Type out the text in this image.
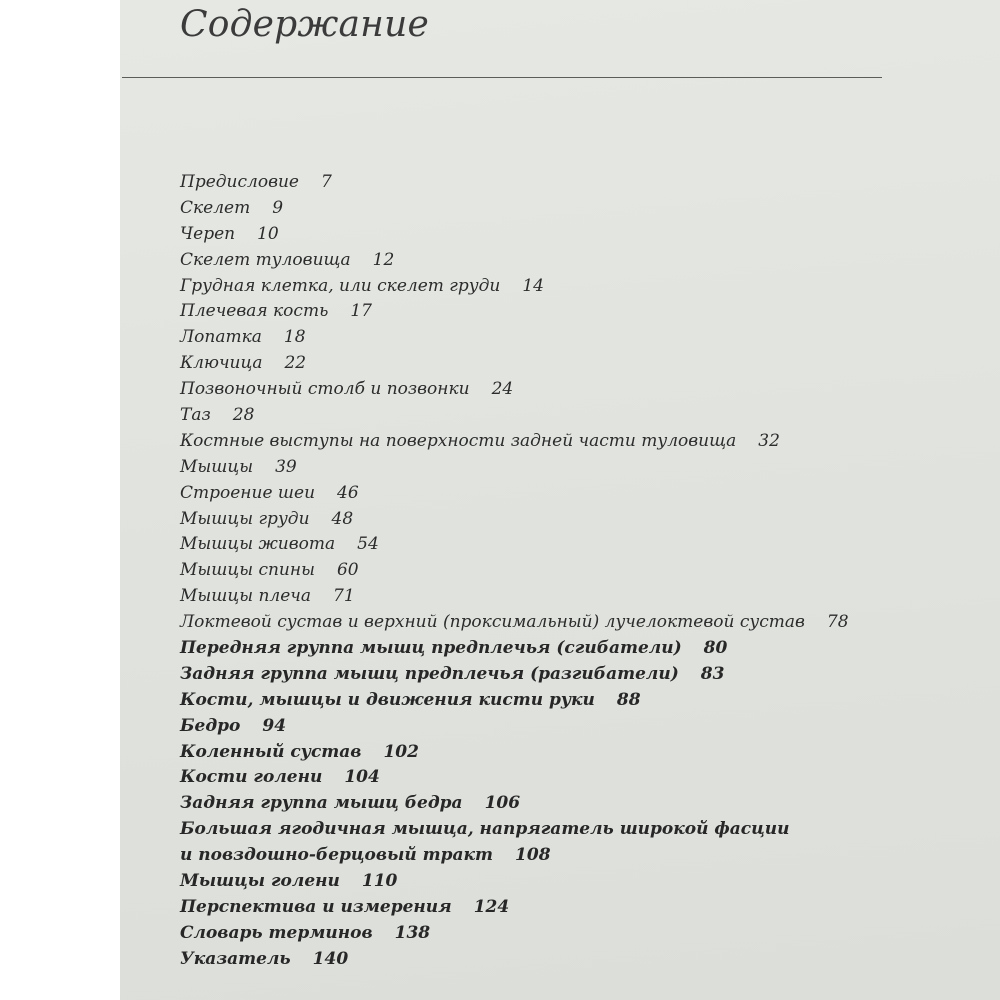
Содержание
Предисловие 7
Скелет 9
Череп 10
Скелет туловища 12
Грудная клетка, или скелет груди 14
Плечевая кость 17
Лопатка 18
Ключица 22
Позвоночный столб и позвонки 24
Таз 28
Костные выступы на поверхности задней части туловища 32
Мышцы 39
Строение шеи 46
Мышцы груди 48
Мышцы живота 54
Мышцы спины 60
Мышцы плеча 71
Локтевой сустав и верхний (проксимальный) лучелоктевой сустав 78
Передняя группа мышц предплечья (сгибатели) 80
Задняя группа мышц предплечья (разгибатели) 83
Кости, мышцы и движения кисти руки 88
Бедро 94
Коленный сустав 102
Кости голени 104
Задняя группа мышц бедра 106
Большая ягодичная мышца, напрягатель широкой фасции
и повздошно-берцовый тракт 108
Мышцы голени 110
Перспектива и измерения 124
Словарь терминов 138
Указатель 140
